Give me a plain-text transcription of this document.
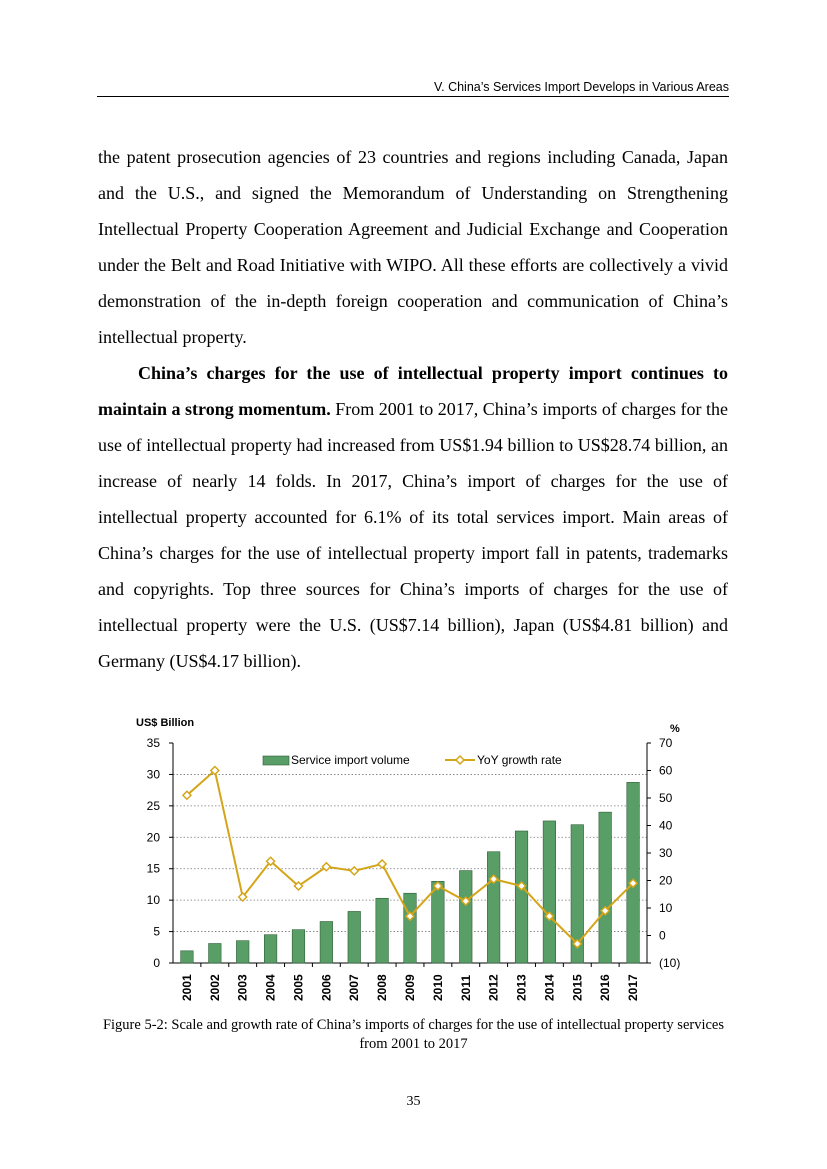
V. China’s Services Import Develops in Various Areas

the patent prosecution agencies of 23 countries and regions including Canada, Japan and the U.S., and signed the Memorandum of Understanding on Strengthening Intellectual Property Cooperation Agreement and Judicial Exchange and Cooperation under the Belt and Road Initiative with WIPO. All these efforts are collectively a vivid demonstration of the in-depth foreign cooperation and communication of China’s intellectual property.

China’s charges for the use of intellectual property import continues to maintain a strong momentum. From 2001 to 2017, China’s imports of charges for the use of intellectual property had increased from US$1.94 billion to US$28.74 billion, an increase of nearly 14 folds. In 2017, China’s import of charges for the use of intellectual property accounted for 6.1% of its total services import. Main areas of China’s charges for the use of intellectual property import fall in patents, trademarks and copyrights. Top three sources for China’s imports of charges for the use of intellectual property were the U.S. (US$7.14 billion), Japan (US$4.81 billion) and Germany (US$4.17 billion).

0
5
10
15
20
25
30
35
(10)
0
10
20
30
40
50
60
70
US$ Billion	%
2001 2002 2003 2004 2005 2006 2007 2008 2009 2010 2011 2012 2013 2014 2015 2016 2017
Service import volume	YoY growth rate
Figure 5-2: Scale and growth rate of China’s imports of charges for the use of intellectual property services from 2001 to 2017
35
